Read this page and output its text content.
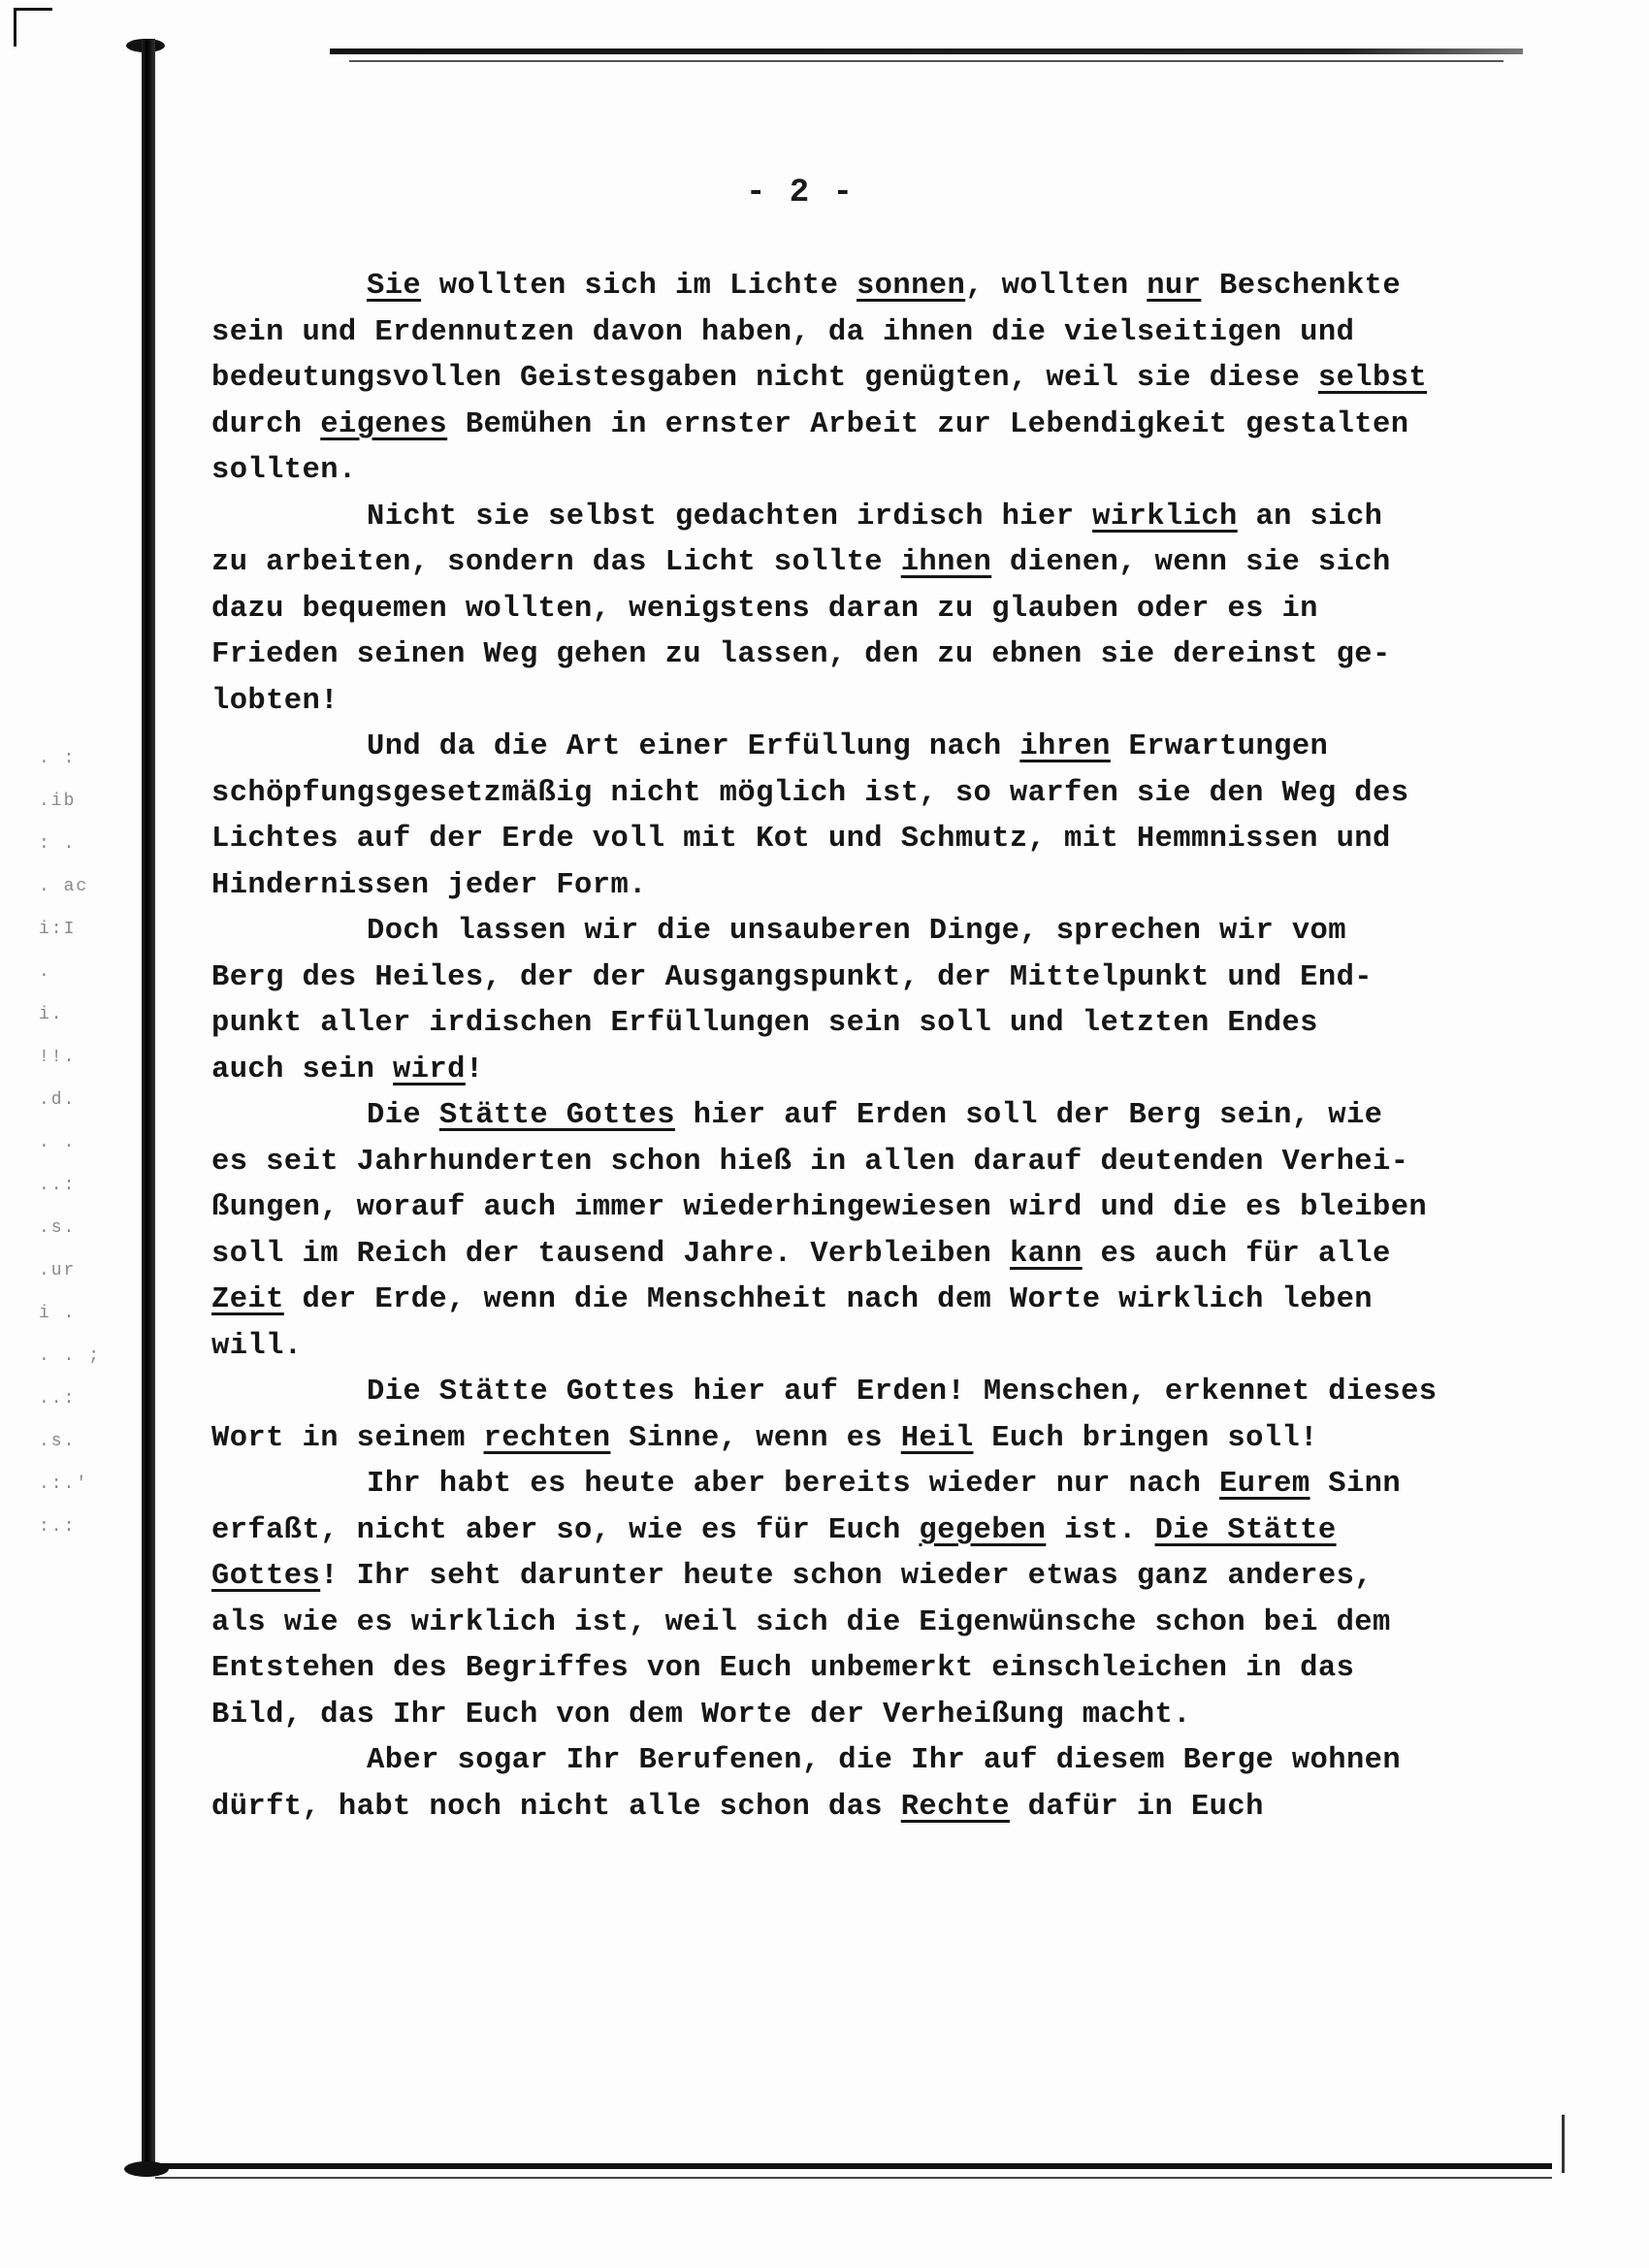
. :
.ib
: .
. ac
i:I
.
i.
!!.
.d.
. .
..:
.s.
.ur
i .
. . ;
..:
.s.
.:.'
:.:
- 2 -
Sie wollten sich im Lichte sonnen, wollten nur Beschenkte
sein und Erdennutzen davon haben, da ihnen die vielseitigen und
bedeutungsvollen Geistesgaben nicht genügten, weil sie diese selbst
durch eigenes Bemühen in ernster Arbeit zur Lebendigkeit gestalten
sollten.
Nicht sie selbst gedachten irdisch hier wirklich an sich
zu arbeiten, sondern das Licht sollte ihnen dienen, wenn sie sich
dazu bequemen wollten, wenigstens daran zu glauben oder es in
Frieden seinen Weg gehen zu lassen, den zu ebnen sie dereinst ge-
lobten!
Und da die Art einer Erfüllung nach ihren Erwartungen
schöpfungsgesetzmäßig nicht möglich ist, so warfen sie den Weg des
Lichtes auf der Erde voll mit Kot und Schmutz, mit Hemmnissen und
Hindernissen jeder Form.
Doch lassen wir die unsauberen Dinge, sprechen wir vom
Berg des Heiles, der der Ausgangspunkt, der Mittelpunkt und End-
punkt aller irdischen Erfüllungen sein soll und letzten Endes
auch sein wird!
Die Stätte Gottes hier auf Erden soll der Berg sein, wie
es seit Jahrhunderten schon hieß in allen darauf deutenden Verhei-
ßungen, worauf auch immer wiederhingewiesen wird und die es bleiben
soll im Reich der tausend Jahre. Verbleiben kann es auch für alle
Zeit der Erde, wenn die Menschheit nach dem Worte wirklich leben
will.
Die Stätte Gottes hier auf Erden! Menschen, erkennet dieses
Wort in seinem rechten Sinne, wenn es Heil Euch bringen soll!
Ihr habt es heute aber bereits wieder nur nach Eurem Sinn
erfaßt, nicht aber so, wie es für Euch gegeben ist. Die Stätte
Gottes! Ihr seht darunter heute schon wieder etwas ganz anderes,
als wie es wirklich ist, weil sich die Eigenwünsche schon bei dem
Entstehen des Begriffes von Euch unbemerkt einschleichen in das
Bild, das Ihr Euch von dem Worte der Verheißung macht.
Aber sogar Ihr Berufenen, die Ihr auf diesem Berge wohnen
dürft, habt noch nicht alle schon das Rechte dafür in Euch
